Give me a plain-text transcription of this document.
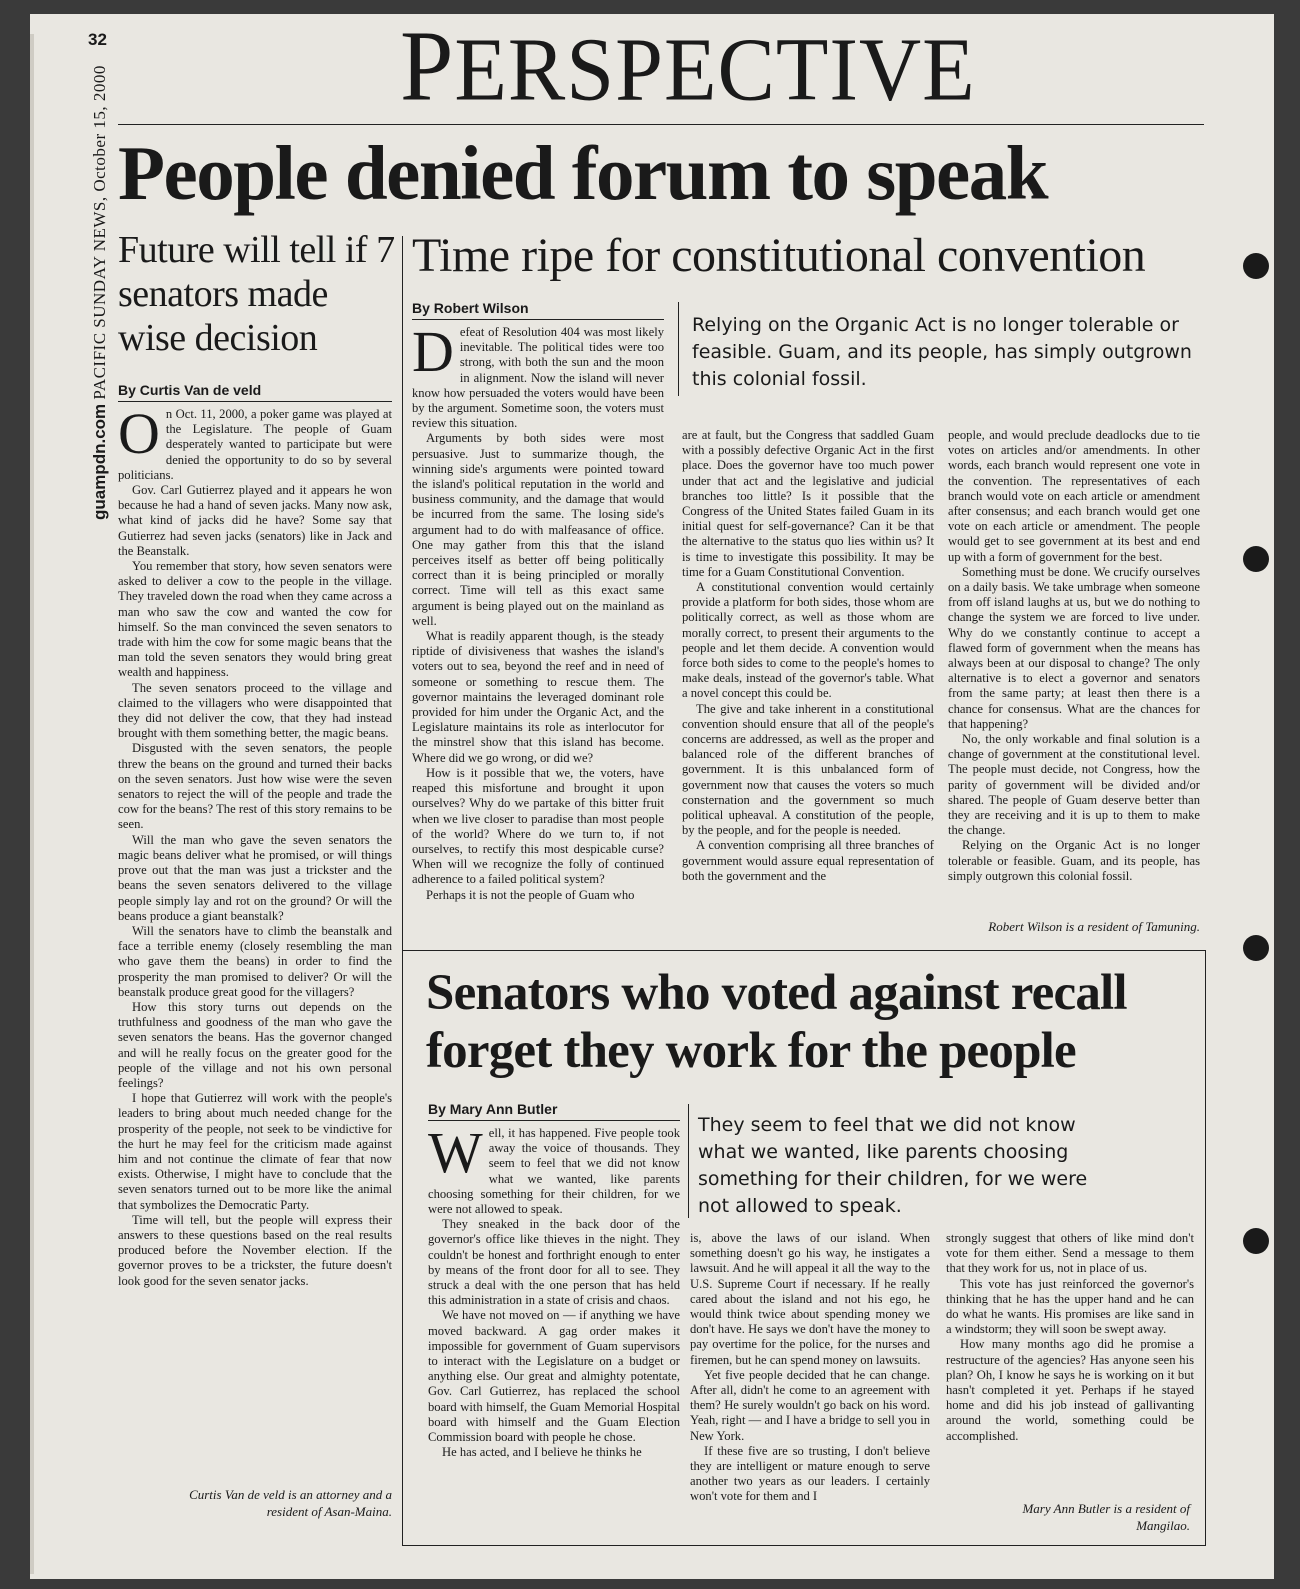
32
guampdn.com PACIFIC SUNDAY NEWS, October 15, 2000	PERSPECTIVE
People denied forum to speak
Future will tell if 7 senators made wise decision
By Curtis Van de veld
O n Oct. 11, 2000, a poker game was played at the Legislature. The people of Guam desperately wanted to participate but were denied the opportunity to do so by several politicians.

Gov. Carl Gutierrez played and it appears he won because he had a hand of seven jacks. Many now ask, what kind of jacks did he have? Some say that Gutierrez had seven jacks (senators) like in Jack and the Beanstalk.

You remember that story, how seven senators were asked to deliver a cow to the people in the village. They traveled down the road when they came across a man who saw the cow and wanted the cow for himself. So the man convinced the seven senators to trade with him the cow for some magic beans that the man told the seven senators they would bring great wealth and happiness.

The seven senators proceed to the village and claimed to the villagers who were disappointed that they did not deliver the cow, that they had instead brought with them something better, the magic beans.

Disgusted with the seven senators, the people threw the beans on the ground and turned their backs on the seven senators. Just how wise were the seven senators to reject the will of the people and trade the cow for the beans? The rest of this story remains to be seen.

Will the man who gave the seven senators the magic beans deliver what he promised, or will things prove out that the man was just a trickster and the beans the seven senators delivered to the village people simply lay and rot on the ground? Or will the beans produce a giant beanstalk?

Will the senators have to climb the beanstalk and face a terrible enemy (closely resembling the man who gave them the beans) in order to find the prosperity the man promised to deliver? Or will the beanstalk produce great good for the villagers?

How this story turns out depends on the truthfulness and goodness of the man who gave the seven senators the beans. Has the governor changed and will he really focus on the greater good for the people of the village and not his own personal feelings?

I hope that Gutierrez will work with the people's leaders to bring about much needed change for the prosperity of the people, not seek to be vindictive for the hurt he may feel for the criticism made against him and not continue the climate of fear that now exists. Otherwise, I might have to conclude that the seven senators turned out to be more like the animal that symbolizes the Democratic Party.

Time will tell, but the people will express their answers to these questions based on the real results produced before the November election. If the governor proves to be a trickster, the future doesn't look good for the seven senator jacks.

Curtis Van de veld is an attorney and a resident of Asan-Maina.
Time ripe for constitutional convention
By Robert Wilson
Relying on the Organic Act is no longer tolerable or feasible. Guam, and its people, has simply outgrown this colonial fossil.
D efeat of Resolution 404 was most likely inevitable. The political tides were too strong, with both the sun and the moon in alignment. Now the island will never know how persuaded the voters would have been by the argument. Sometime soon, the voters must review this situation.

Arguments by both sides were most persuasive. Just to summarize though, the winning side's arguments were pointed toward the island's political reputation in the world and business community, and the damage that would be incurred from the same. The losing side's argument had to do with malfeasance of office. One may gather from this that the island perceives itself as better off being politically correct than it is being principled or morally correct. Time will tell as this exact same argument is being played out on the mainland as well.

What is readily apparent though, is the steady riptide of divisiveness that washes the island's voters out to sea, beyond the reef and in need of someone or something to rescue them. The governor maintains the leveraged dominant role provided for him under the Organic Act, and the Legislature maintains its role as interlocutor for the minstrel show that this island has become. Where did we go wrong, or did we?

How is it possible that we, the voters, have reaped this misfortune and brought it upon ourselves? Why do we partake of this bitter fruit when we live closer to paradise than most people of the world? Where do we turn to, if not ourselves, to rectify this most despicable curse? When will we recognize the folly of continued adherence to a failed political system?

Perhaps it is not the people of Guam who

are at fault, but the Congress that saddled Guam with a possibly defective Organic Act in the first place. Does the governor have too much power under that act and the legislative and judicial branches too little? Is it possible that the Congress of the United States failed Guam in its initial quest for self-governance? Can it be that the alternative to the status quo lies within us? It is time to investigate this possibility. It may be time for a Guam Constitutional Convention.

A constitutional convention would certainly provide a platform for both sides, those whom are politically correct, as well as those whom are morally correct, to present their arguments to the people and let them decide. A convention would force both sides to come to the people's homes to make deals, instead of the governor's table. What a novel concept this could be.

The give and take inherent in a constitutional convention should ensure that all of the people's concerns are addressed, as well as the proper and balanced role of the different branches of government. It is this unbalanced form of government now that causes the voters so much consternation and the government so much political upheaval. A constitution of the people, by the people, and for the people is needed.

A convention comprising all three branches of government would assure equal representation of both the government and the

people, and would preclude deadlocks due to tie votes on articles and/or amendments. In other words, each branch would represent one vote in the convention. The representatives of each branch would vote on each article or amendment after consensus; and each branch would get one vote on each article or amendment. The people would get to see government at its best and end up with a form of government for the best.

Something must be done. We crucify ourselves on a daily basis. We take umbrage when someone from off island laughs at us, but we do nothing to change the system we are forced to live under. Why do we constantly continue to accept a flawed form of government when the means has always been at our disposal to change? The only alternative is to elect a governor and senators from the same party; at least then there is a chance for consensus. What are the chances for that happening?

No, the only workable and final solution is a change of government at the constitutional level. The people must decide, not Congress, how the parity of government will be divided and/or shared. The people of Guam deserve better than they are receiving and it is up to them to make the change.

Relying on the Organic Act is no longer tolerable or feasible. Guam, and its people, has simply outgrown this colonial fossil.

Robert Wilson is a resident of Tamuning.
Senators who voted against recall forget they work for the people
By Mary Ann Butler
They seem to feel that we did not know what we wanted, like parents choosing something for their children, for we were not allowed to speak.
W ell, it has happened. Five people took away the voice of thousands. They seem to feel that we did not know what we wanted, like parents choosing something for their children, for we were not allowed to speak.

They sneaked in the back door of the governor's office like thieves in the night. They couldn't be honest and forthright enough to enter by means of the front door for all to see. They struck a deal with the one person that has held this administration in a state of crisis and chaos.

We have not moved on — if anything we have moved backward. A gag order makes it impossible for government of Guam supervisors to interact with the Legislature on a budget or anything else. Our great and almighty potentate, Gov. Carl Gutierrez, has replaced the school board with himself, the Guam Memorial Hospital board with himself and the Guam Election Commission board with people he chose.

He has acted, and I believe he thinks he

is, above the laws of our island. When something doesn't go his way, he instigates a lawsuit. And he will appeal it all the way to the U.S. Supreme Court if necessary. If he really cared about the island and not his ego, he would think twice about spending money we don't have. He says we don't have the money to pay overtime for the police, for the nurses and firemen, but he can spend money on lawsuits.

Yet five people decided that he can change. After all, didn't he come to an agreement with them? He surely wouldn't go back on his word. Yeah, right — and I have a bridge to sell you in New York.

If these five are so trusting, I don't believe they are intelligent or mature enough to serve another two years as our leaders. I certainly won't vote for them and I

strongly suggest that others of like mind don't vote for them either. Send a message to them that they work for us, not in place of us.

This vote has just reinforced the governor's thinking that he has the upper hand and he can do what he wants. His promises are like sand in a windstorm; they will soon be swept away.

How many months ago did he promise a restructure of the agencies? Has anyone seen his plan? Oh, I know he says he is working on it but hasn't completed it yet. Perhaps if he stayed home and did his job instead of gallivanting around the world, something could be accomplished.

Mary Ann Butler is a resident of Mangilao.
